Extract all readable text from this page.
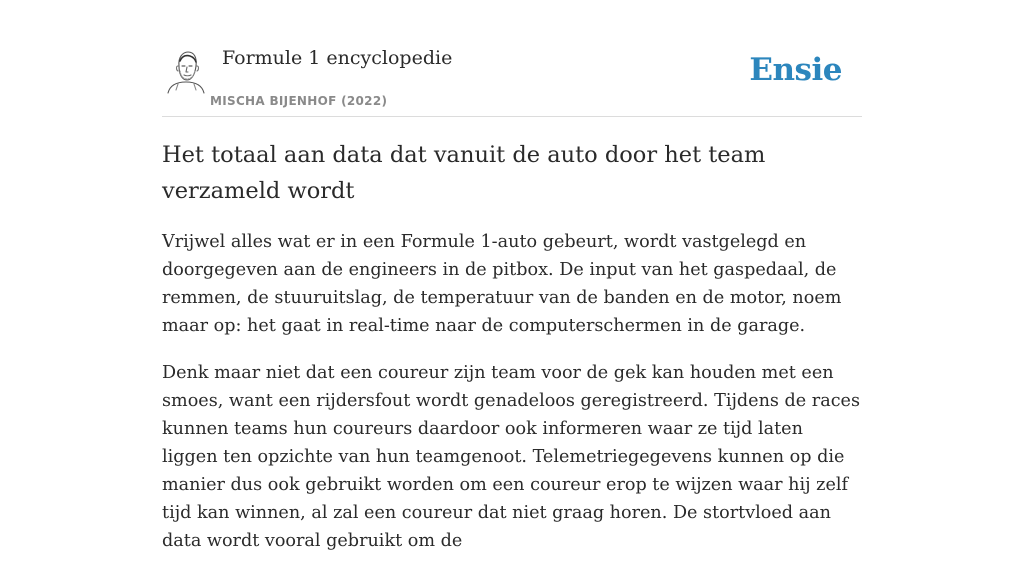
Formule 1 encyclopedie
MISCHA BIJENHOF (2022)
Ensie
Het totaal aan data dat vanuit de auto door het team verzameld wordt

Vrijwel alles wat er in een Formule 1-auto gebeurt, wordt vastgelegd en doorgegeven aan de engineers in de pitbox. De input van het gaspedaal, de remmen, de stuuruitslag, de temperatuur van de banden en de motor, noem maar op: het gaat in real-time naar de computerschermen in de garage.

Denk maar niet dat een coureur zijn team voor de gek kan houden met een smoes, want een rijdersfout wordt genadeloos geregistreerd. Tijdens de races kunnen teams hun coureurs daardoor ook informeren waar ze tijd laten liggen ten opzichte van hun teamgenoot. Telemetriegegevens kunnen op die manier dus ook gebruikt worden om een coureur erop te wijzen waar hij zelf tijd kan winnen, al zal een coureur dat niet graag horen. De stortvloed aan data wordt vooral gebruikt om de
